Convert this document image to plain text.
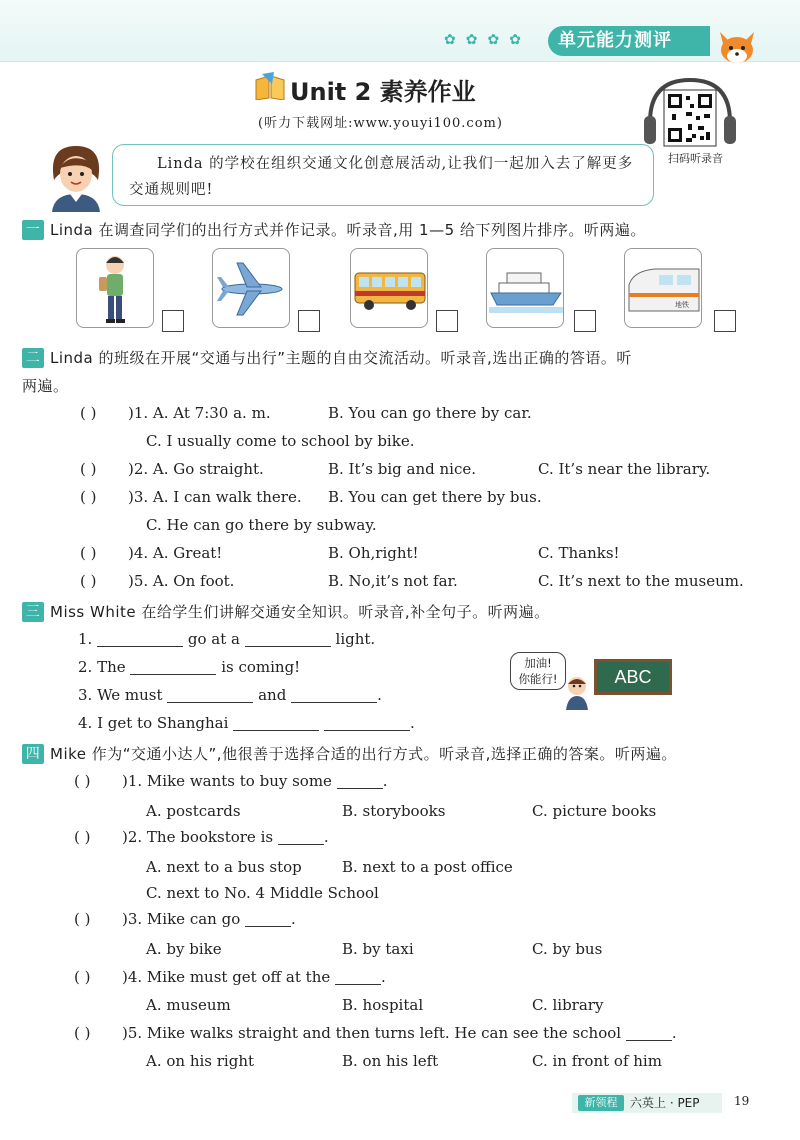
✿✿✿✿	单元能力测评
Unit 2 素养作业
(听力下载网址:www.youyi100.com)
扫码听录音
Linda 的学校在组织交通文化创意展活动,让我们一起加入去了解更多交通规则吧!
一 Linda 在调查同学们的出行方式并作记录。听录音,用 1—5 给下列图片排序。听两遍。
地铁
二 Linda 的班级在开展“交通与出行”主题的自由交流活动。听录音,选出正确的答语。听
两遍。
( ) )1. A. At 7:30 a. m.	B. You can go there by car.
C. I usually come to school by bike.
( ) )2. A. Go straight.	B. It’s big and nice.	C. It’s near the library.
( ) )3. A. I can walk there. B. You can get there by bus.
C. He can go there by subway.
( ) )4. A. Great!	B. Oh,right!	C. Thanks!
( ) )5. A. On foot.	B. No,it’s not far.	C. It’s next to the museum.
三 Miss White 在给学生们讲解交通安全知识。听录音,补全句子。听两遍。
1.	go at a	light.
2. The	is coming!
3. We must	and	.
4. I get to Shanghai	.
加油!
你能行!	ABC
四 Mike 作为“交通小达人”,他很善于选择合适的出行方式。听录音,选择正确的答案。听两遍。
( ) )1. Mike wants to buy some	.
A. postcards	B. storybooks	C. picture books
( ) )2. The bookstore is	.
A. next to a bus stop	B. next to a post office
C. next to No. 4 Middle School
( ) )3. Mike can go	.
A. by bike	B. by taxi	C. by bus
( ) )4. Mike must get off at the	.
A. museum	B. hospital	C. library
( ) )5. Mike walks straight and then turns left. He can see the school	.
A. on his right	B. on his left	C. in front of him
新领程	六英上 · PEP	19
